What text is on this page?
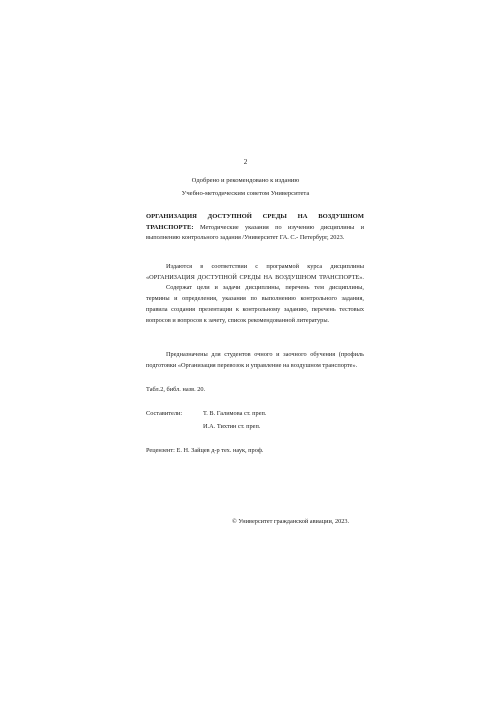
2
Одобрено и рекомендовано к изданию
Учебно-методическим советом Университета
ОРГАНИЗАЦИЯ ДОСТУПНОЙ СРЕДЫ НА ВОЗДУШНОМ
ТРАНСПОРТЕ: Методические указания по изучению дисциплины и
выполнению контрольного задания /Университет ГА. С.- Петербург, 2023.
Издаются в соответствии с программой курса дисциплины
«ОРГАНИЗАЦИЯ ДОСТУПНОЙ СРЕДЫ НА ВОЗДУШНОМ ТРАНСПОРТЕ».
Содержат цели и задачи дисциплины, перечень тем дисциплины,
термины и определения, указания по выполнению контрольного задания,
правила создания презентации к контрольному заданию, перечень тестовых
вопросов и вопросов к зачету, список рекомендованной литературы.
Предназначены для студентов очного и заочного обучения (профиль
подготовки «Организация перевозок и управление на воздушном транспорте».
Табл.2, библ. назв. 20.
Составители:	Т. В. Галимова ст. преп.
И.А. Тихтин ст. преп.
Рецензент: Е. Н. Зайцев д-р тех. наук, проф.
© Университет гражданской авиации, 2023.
